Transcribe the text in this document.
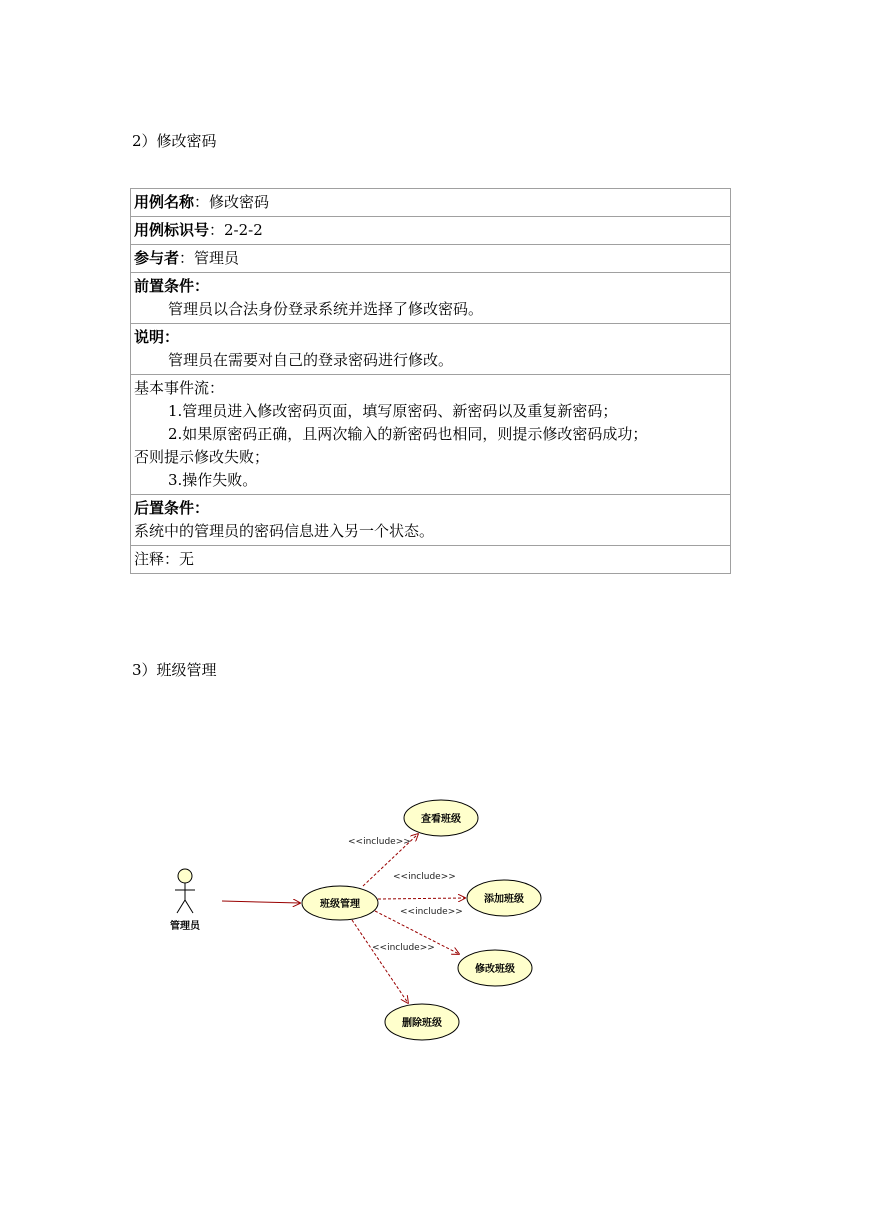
2）修改密码
用例名称：修改密码
用例标识号：2-2-2
参与者：管理员

前置条件：
管理员以合法身份登录系统并选择了修改密码。

说明：
管理员在需要对自己的登录密码进行修改。

基本事件流：
1.管理员进入修改密码页面，填写原密码、新密码以及重复新密码；
2.如果原密码正确，且两次输入的新密码也相同，则提示修改密码成功；
否则提示修改失败；
3.操作失败。

后置条件：
系统中的管理员的密码信息进入另一个状态。

注释：无
3）班级管理
管理员
班级管理
查看班级
<<include>>
添加班级
<<include>>
修改班级
<<include>>
删除班级
<<include>>
